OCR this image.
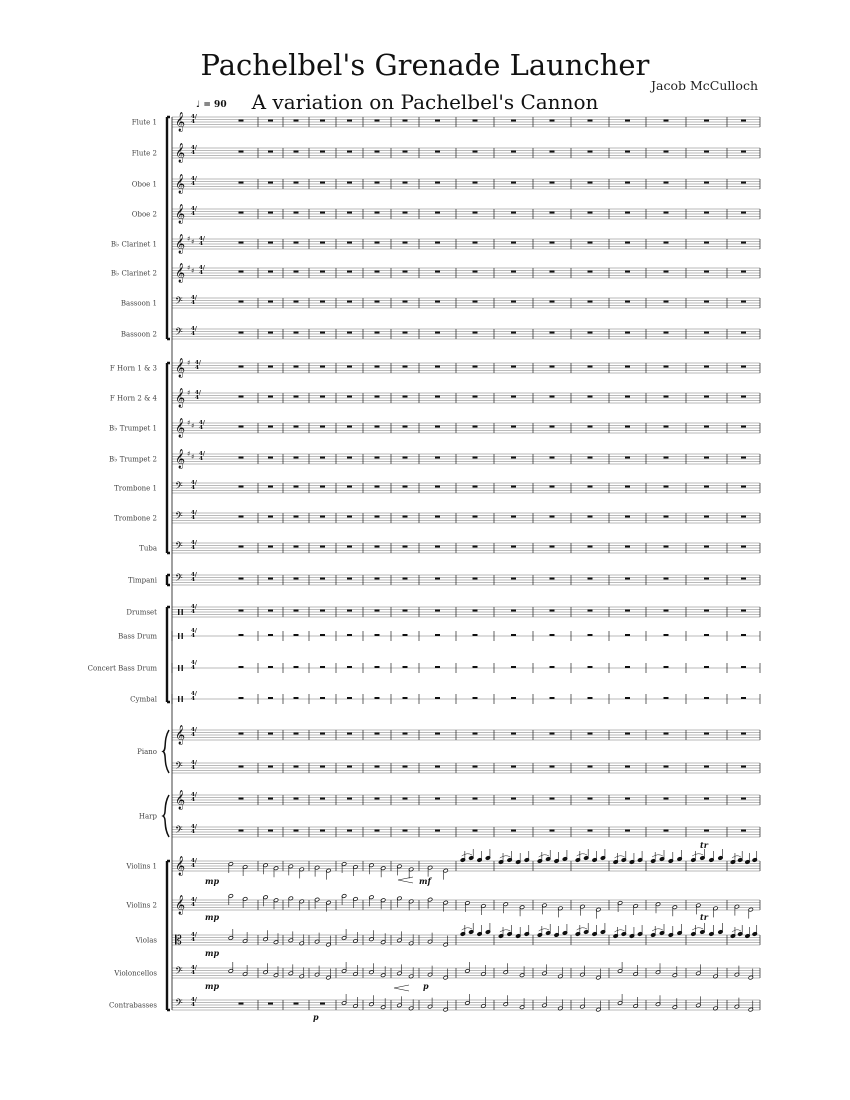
Pachelbel's Grenade Launcher
A variation on Pachelbel's Cannon
Jacob McCulloch
♩ = 90
Flute 1 𝄞
Flute 2 𝄞
Oboe 1 𝄞
Oboe 2 𝄞
B♭ Clarinet 1 𝄞 ♯ ♯
B♭ Clarinet 2 𝄞 ♯ ♯
Bassoon 1 𝄢
Bassoon 2 𝄢
F Horn 1 & 3 𝄞 ♯
F Horn 2 & 4 𝄞 ♯
B♭ Trumpet 1 𝄞 ♯ ♯
B♭ Trumpet 2 𝄞 ♯ ♯
Trombone 1 𝄢
Trombone 2 𝄢
Tuba 𝄢
Timpani 𝄢
Drumset
Bass Drum
Concert Bass Drum
Cymbal
Piano
𝄞
𝄢
Harp
𝄞
𝄢
Violins 1 𝄞
Violins 2 𝄞
Violas 𝄡
Violoncellos 𝄢
Contrabasses 𝄢
mp	mf
mp
mp
mp	p
p
tr
tr
4/4
4/4
4/4
4/4
4/4
4/4
4/4
4/4
4/4
4/4
4/4
4/4
4/4
4/4
4/4
4/4
4/4
4/4
4/4
4/4
4/4
4/4
4/4
4/4
4/4
4/4
4/4
4/4
4/4
